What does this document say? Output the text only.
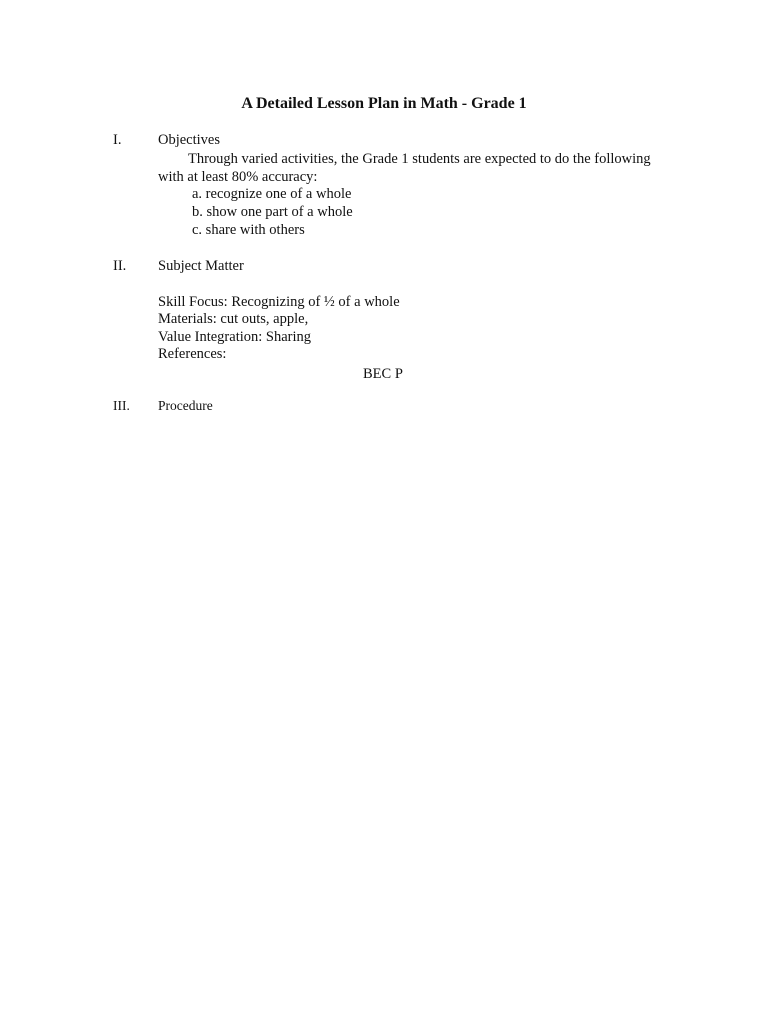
A Detailed Lesson Plan in Math - Grade 1
I.	Objectives
Through varied activities, the Grade 1 students are expected to do the following
with at least 80% accuracy:
a. recognize one of a whole
b. show one part of a whole
c. share with others
II. Subject Matter
Skill Focus: Recognizing of ½ of a whole
Materials: cut outs, apple,
Value Integration: Sharing
References:
BEC P
III. Procedure
